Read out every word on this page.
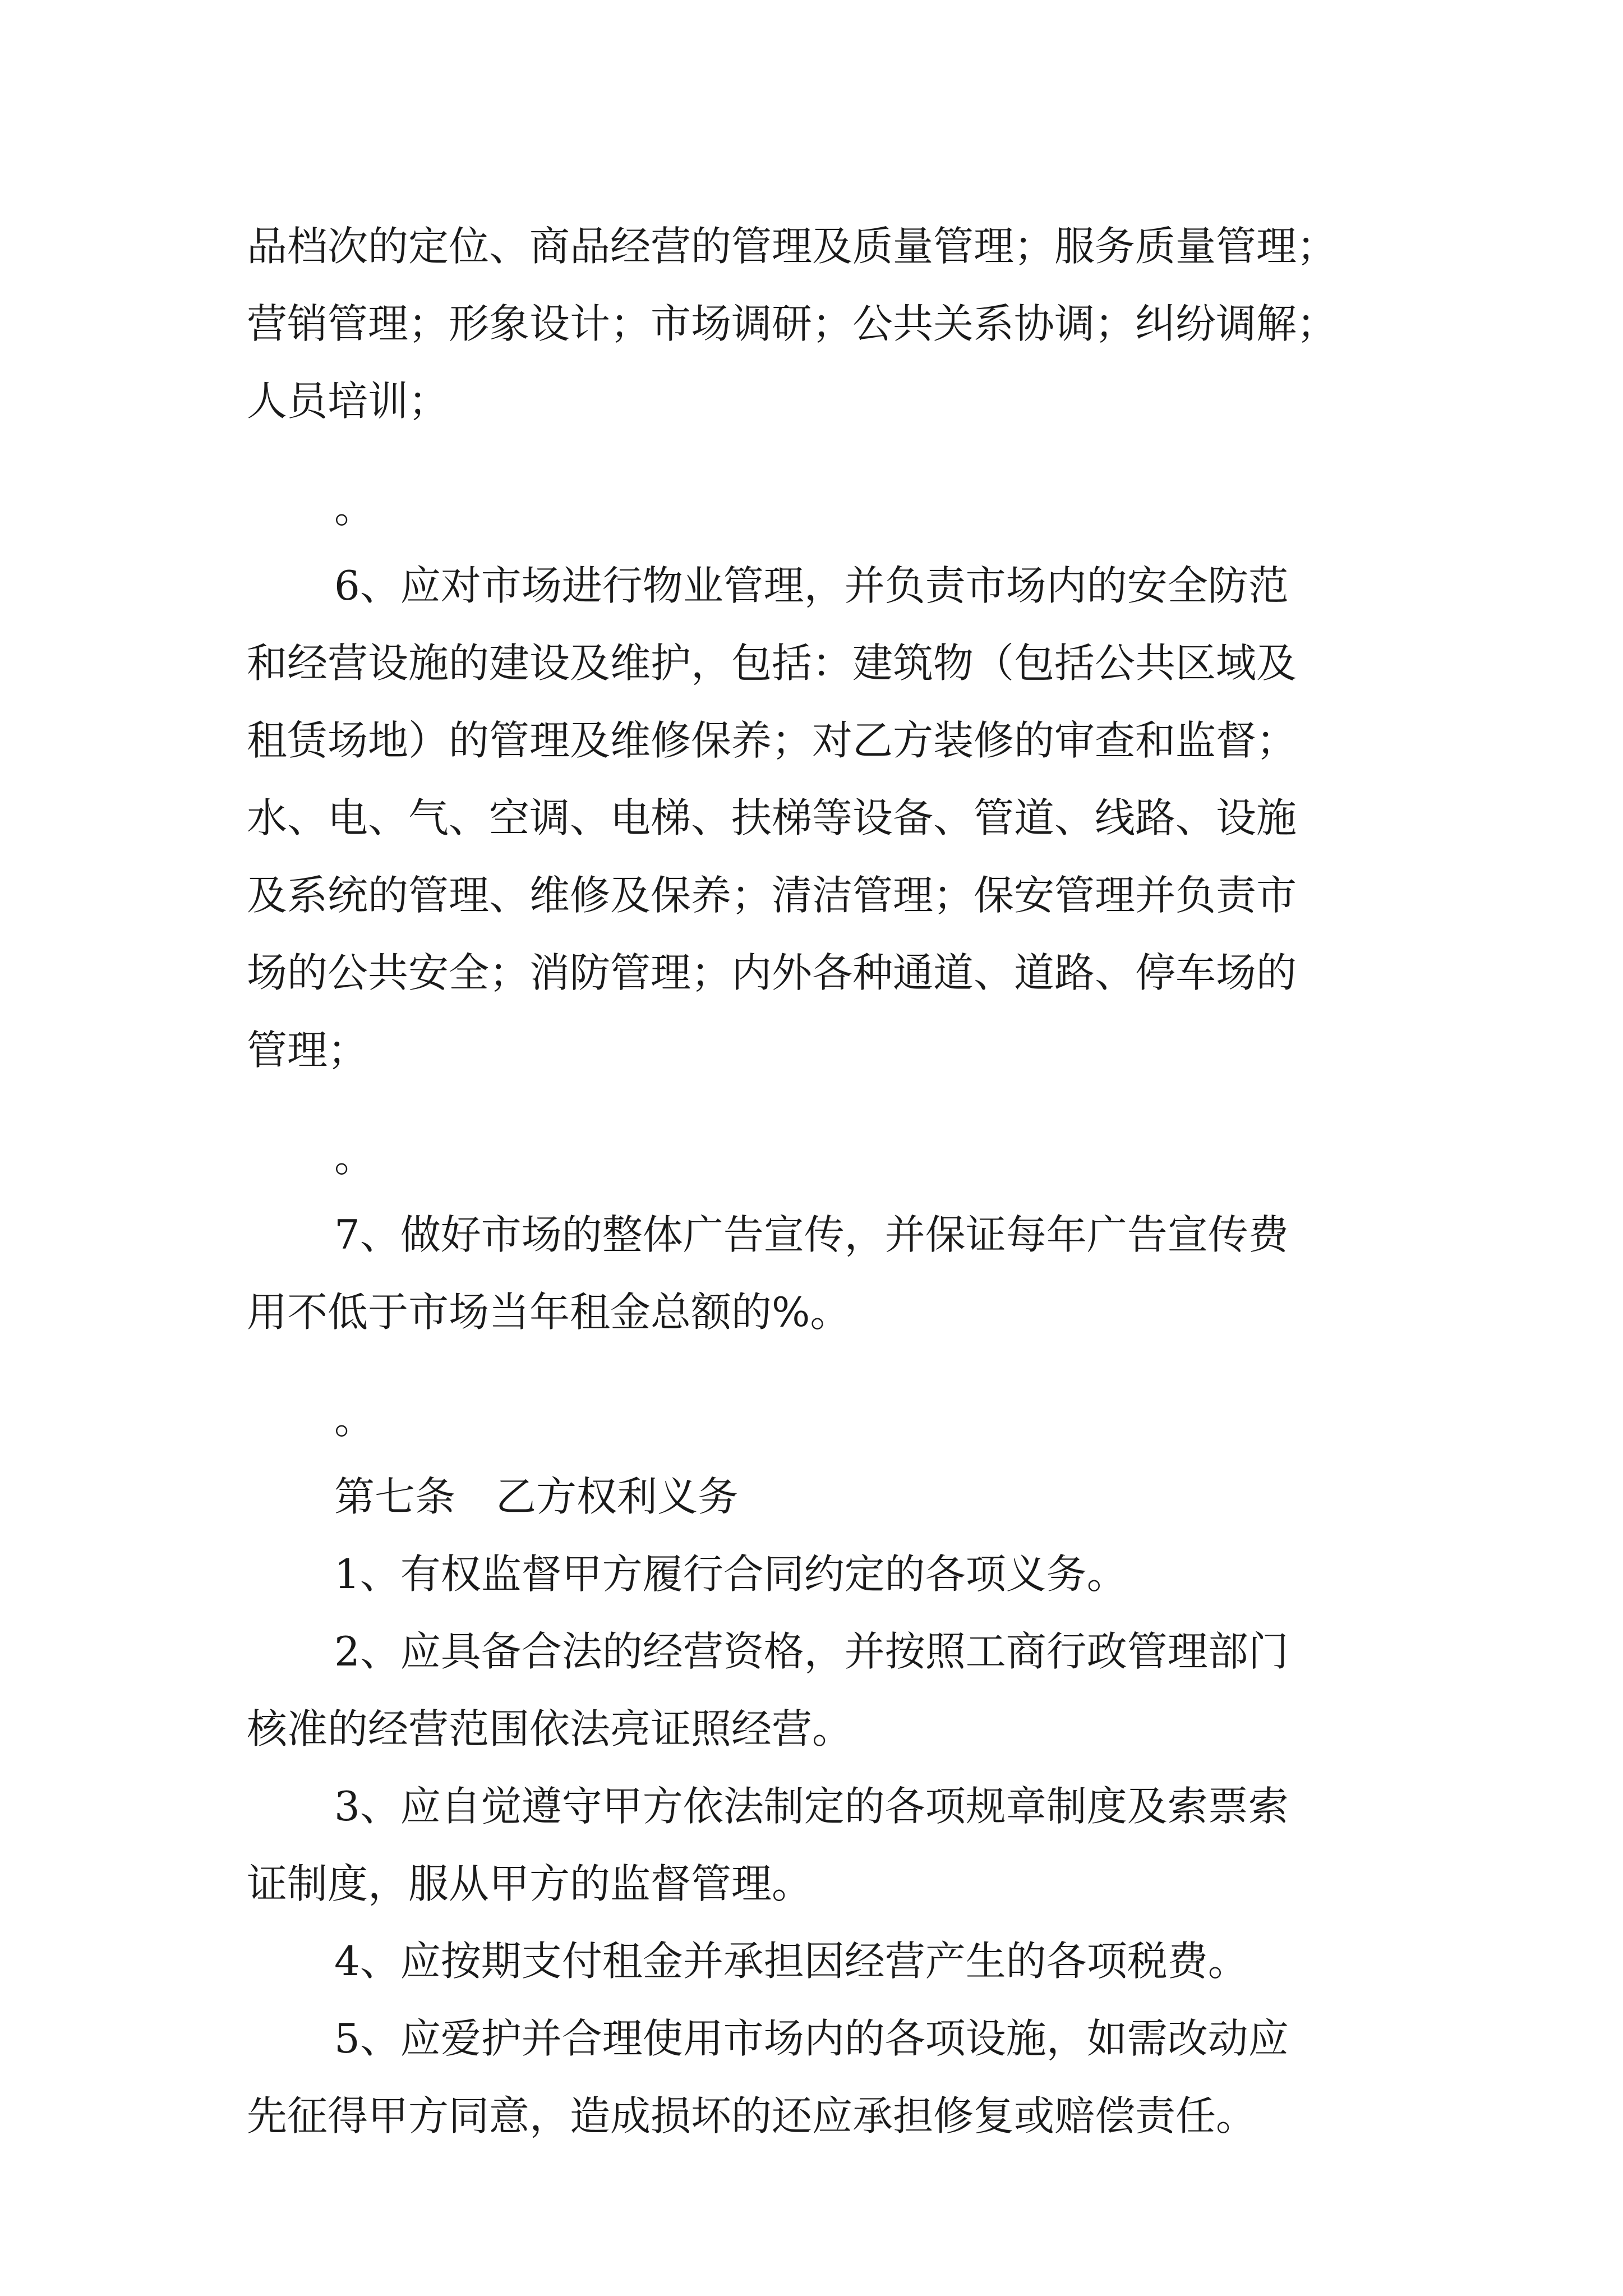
品档次的定位、商品经营的管理及质量管理；服务质量管理；
营销管理；形象设计；市场调研；公共关系协调；纠纷调解；
人员培训；
。
6、应对市场进行物业管理，并负责市场内的安全防范
和经营设施的建设及维护，包括：建筑物（包括公共区域及
租赁场地）的管理及维修保养；对乙方装修的审查和监督；
水、电、气、空调、电梯、扶梯等设备、管道、线路、设施
及系统的管理、维修及保养；清洁管理；保安管理并负责市
场的公共安全；消防管理；内外各种通道、道路、停车场的
管理；
。
7、做好市场的整体广告宣传，并保证每年广告宣传费
用不低于市场当年租金总额的%。
。
第七条　乙方权利义务
1、有权监督甲方履行合同约定的各项义务。
2、应具备合法的经营资格，并按照工商行政管理部门
核准的经营范围依法亮证照经营。
3、应自觉遵守甲方依法制定的各项规章制度及索票索
证制度，服从甲方的监督管理。
4、应按期支付租金并承担因经营产生的各项税费。
5、应爱护并合理使用市场内的各项设施，如需改动应
先征得甲方同意，造成损坏的还应承担修复或赔偿责任。
